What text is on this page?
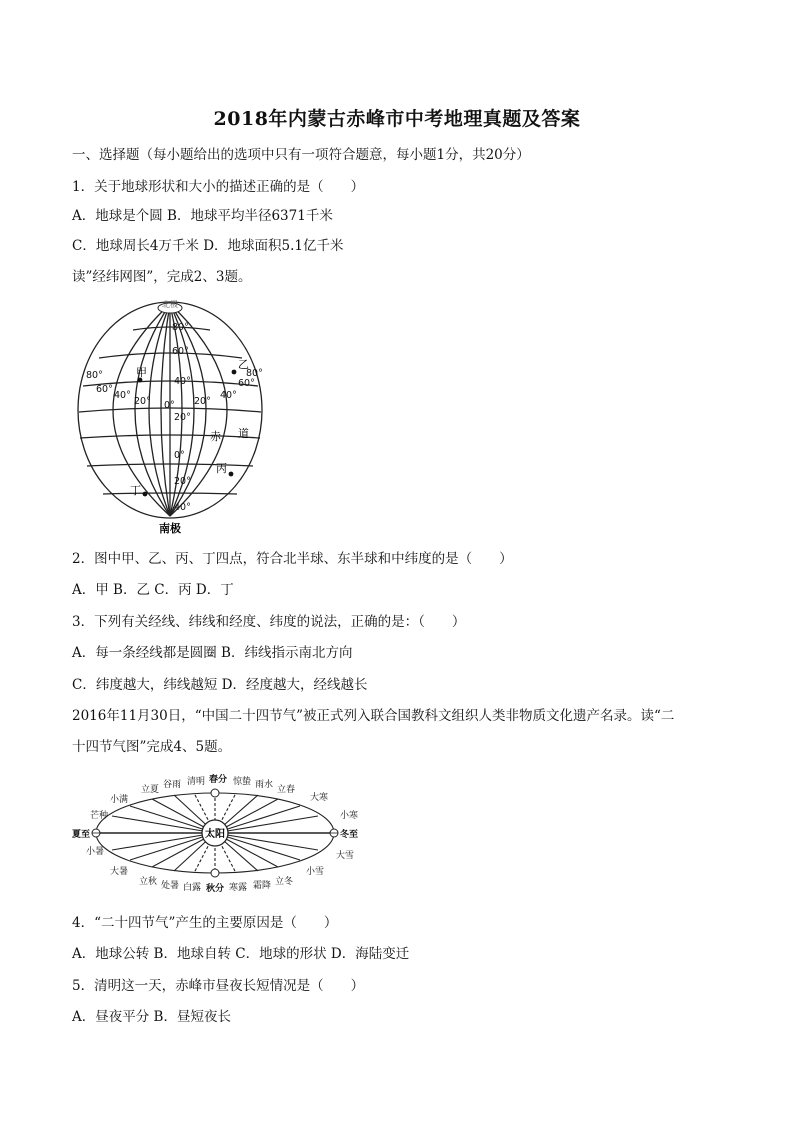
2018年内蒙古赤峰市中考地理真题及答案
一、选择题（每小题给出的选项中只有一项符合题意，每小题1分，共20分）
1．关于地球形状和大小的描述正确的是（　　）
A．地球是个圆 B．地球平均半径6371千米
C．地球周长4万千米 D．地球面积5.1亿千米
读”经纬网图”，完成2、3题。
北极
南极
80°
60°
40°
20°
0°
20°
40°
80°
60°
40°
20° 0° 20°
40°
60°
80°
赤 道
甲
乙
丙
丁
2．图中甲、乙、丙、丁四点，符合北半球、东半球和中纬度的是（　　）
A．甲 B．乙 C．丙 D．丁
3．下列有关经线、纬线和经度、纬度的说法，正确的是：（　　）
A．每一条经线都是圆圈 B．纬线指示南北方向
C．纬度越大，纬线越短 D．经度越大，经线越长
2016年11月30日，“中国二十四节气”被正式列入联合国教科文组织人类非物质文化遗产名录。读“二
十四节气图”完成4、5题。
太阳
立夏 谷雨 清明 春分 惊蛰 雨水 立春
立秋 处暑 白露 秋分 寒露 霜降 立冬
小满
芒种
夏至
小暑
大暑
大寒
小寒
冬至
大雪
小雪
4．“二十四节气”产生的主要原因是（　　）
A．地球公转 B．地球自转 C．地球的形状 D．海陆变迁
5．清明这一天，赤峰市昼夜长短情况是（　　）
A．昼夜平分 B．昼短夜长
